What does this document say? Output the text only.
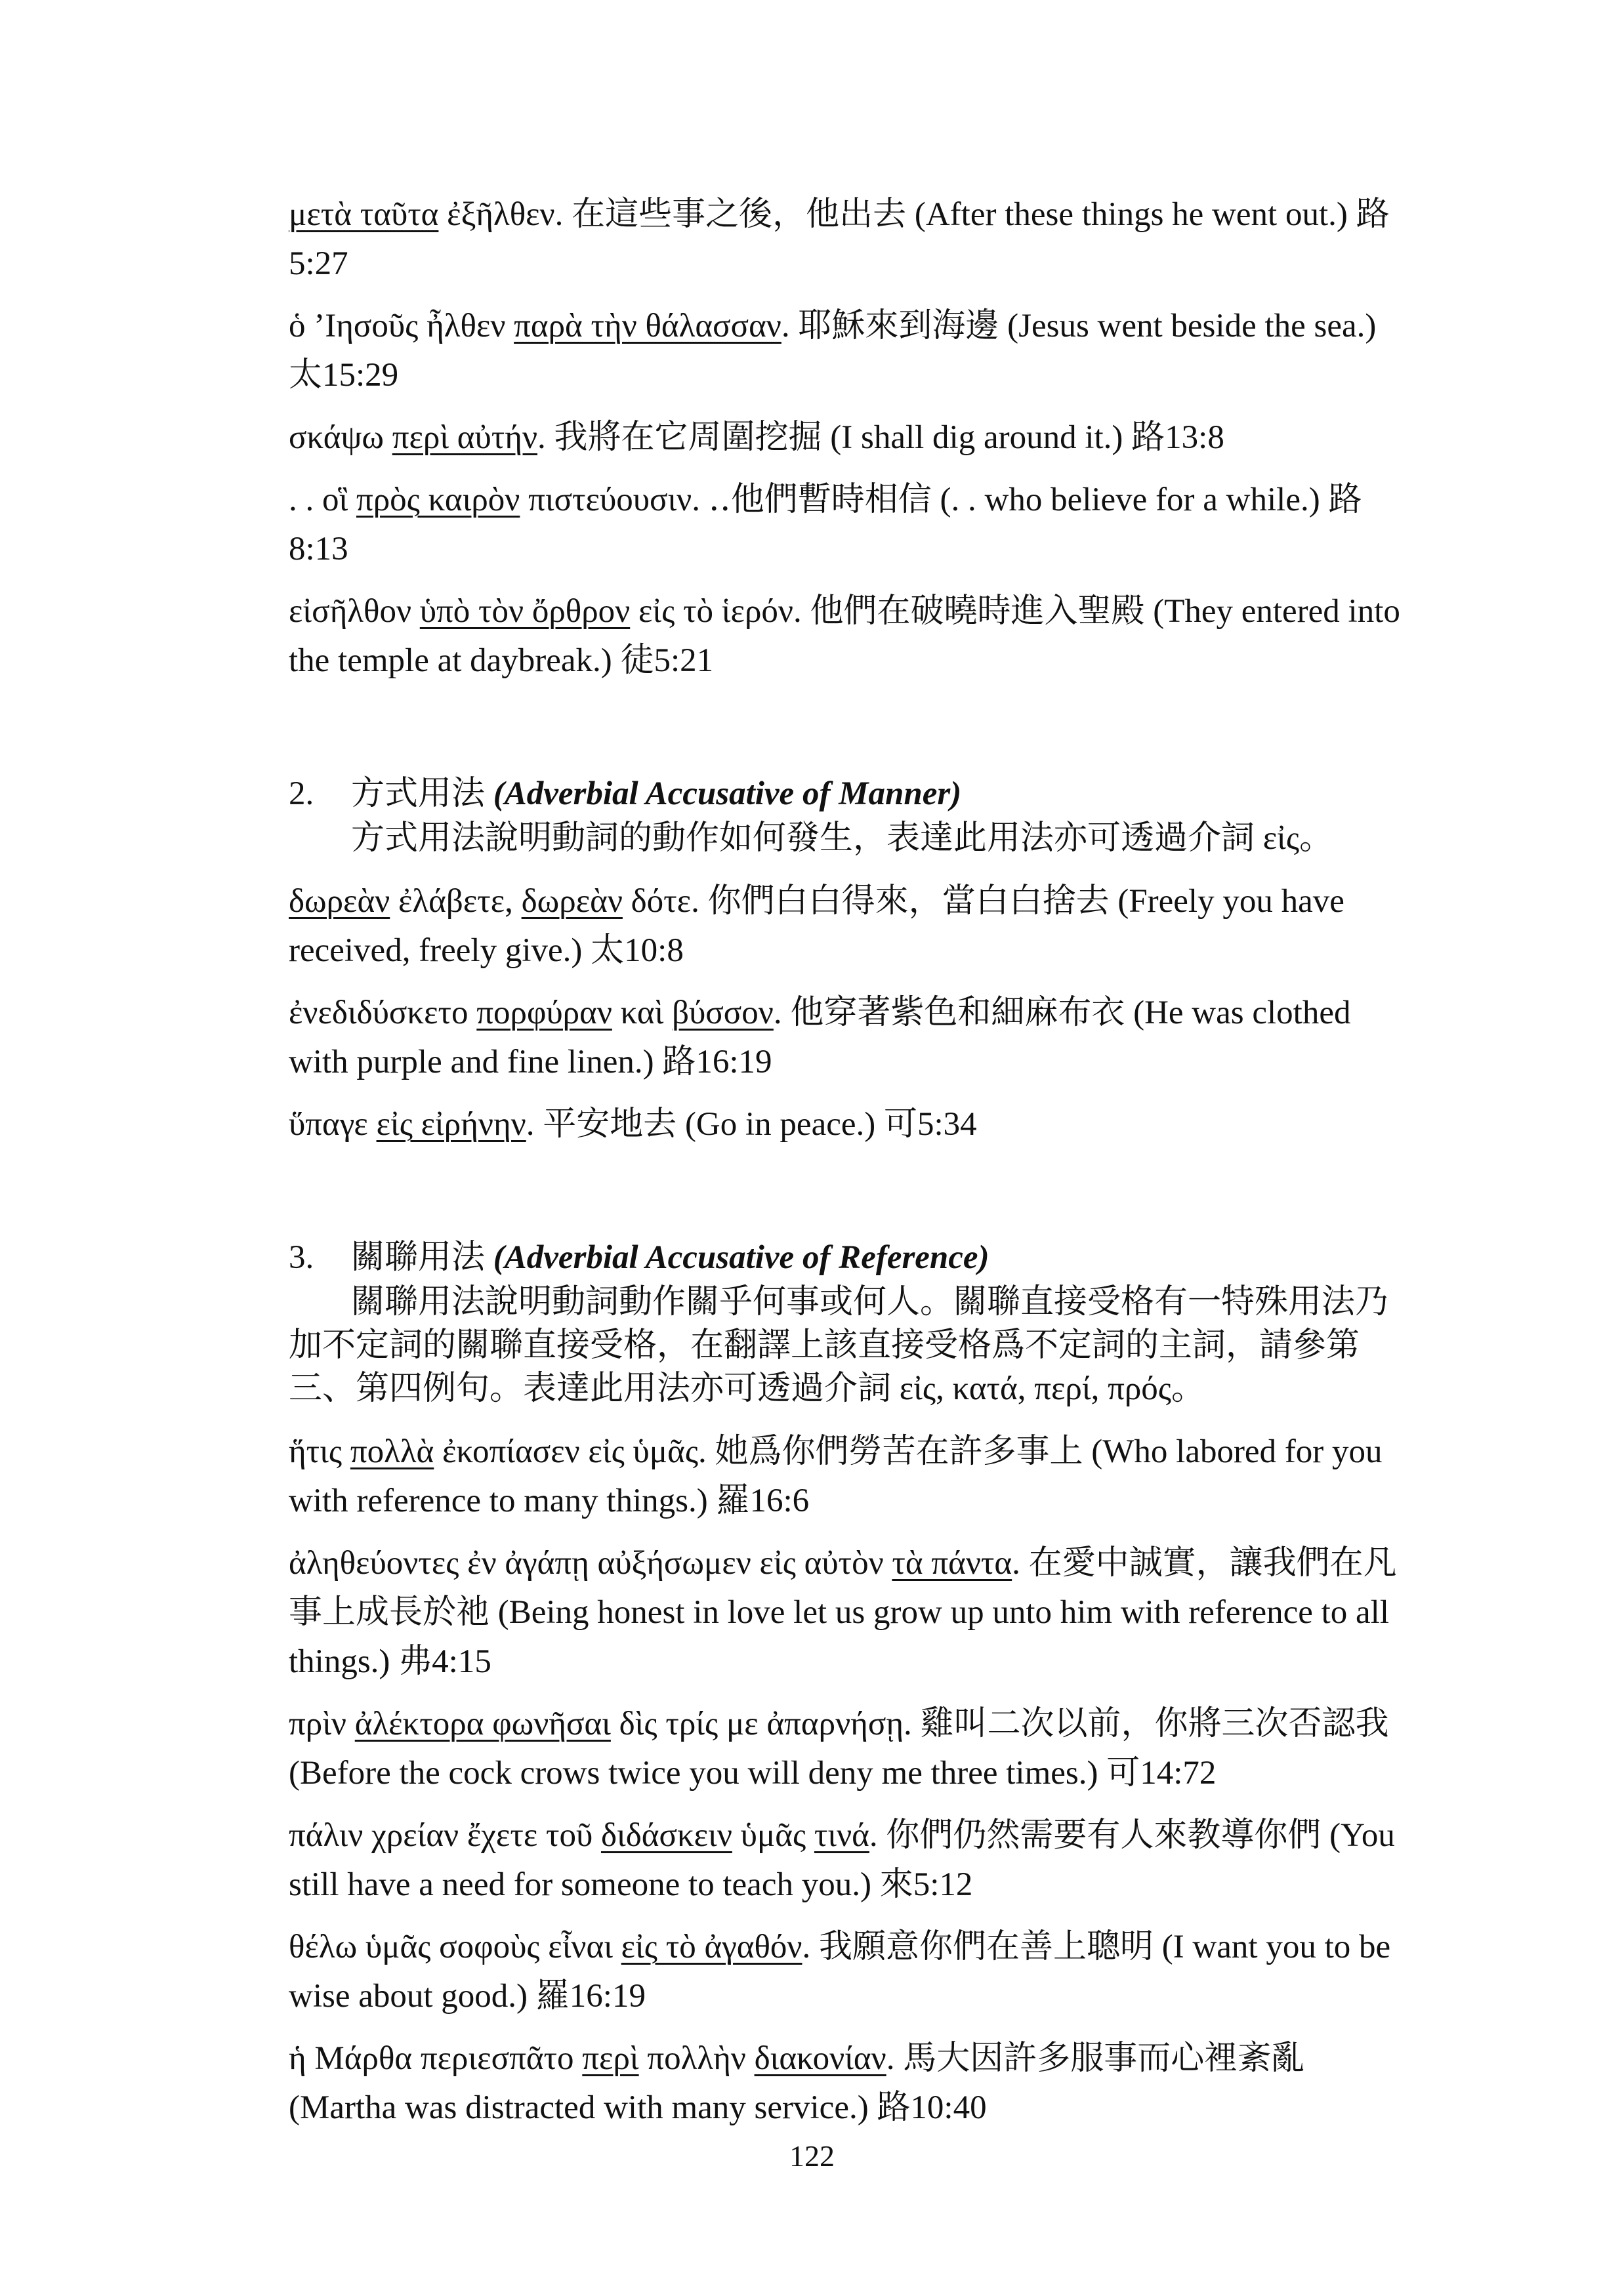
μετὰ ταῦτα ἐξῆλθεν. 在這些事之後，他出去 (After these things he went out.) 路5:27

ὁ ’Ιησοῦς ἦλθεν παρὰ τὴν θάλασσαν. 耶穌來到海邊 (Jesus went beside the sea.) 太15:29

σκάψω περὶ αὐτήν. 我將在它周圍挖掘 (I shall dig around it.) 路13:8

. . οἳ πρὸς καιρὸν πιστεύουσιν. ‥他們暫時相信 (. . who believe for a while.) 路8:13

εἰσῆλθον ὑπὸ τὸν ὄρθρον εἰς τὸ ἱερόν. 他們在破曉時進入聖殿 (They entered into the temple at daybreak.) 徒5:21

2. 方式用法 (Adverbial Accusative of Manner)
方式用法說明動詞的動作如何發生，表達此用法亦可透過介詞 εἰς。

δωρεὰν ἐλάβετε, δωρεὰν δότε. 你們白白得來，當白白捨去 (Freely you have received, freely give.) 太10:8

ἐνεδιδύσκετο πορφύραν καὶ βύσσον. 他穿著紫色和細麻布衣 (He was clothed with purple and fine linen.) 路16:19

ὕπαγε εἰς εἰρήνην. 平安地去 (Go in peace.) 可5:34

3. 關聯用法 (Adverbial Accusative of Reference)
關聯用法說明動詞動作關乎何事或何人。關聯直接受格有一特殊用法乃加不定詞的關聯直接受格，在翻譯上該直接受格爲不定詞的主詞，請參第三、第四例句。表達此用法亦可透過介詞 εἰς, κατά, περί, πρός。

ἥτις πολλὰ ἐκοπίασεν εἰς ὑμᾶς. 她爲你們勞苦在許多事上 (Who labored for you with reference to many things.) 羅16:6

ἀληθεύοντες ἐν ἀγάπῃ αὐξήσωμεν εἰς αὐτὸν τὰ πάντα. 在愛中誠實，讓我們在凡事上成長於祂 (Being honest in love let us grow up unto him with reference to all things.) 弗4:15

πρὶν ἀλέκτορα φωνῆσαι δὶς τρίς με ἀπαρνήσῃ. 雞叫二次以前，你將三次否認我 (Before the cock crows twice you will deny me three times.) 可14:72

πάλιν χρείαν ἔχετε τοῦ διδάσκειν ὑμᾶς τινά. 你們仍然需要有人來教導你們 (You still have a need for someone to teach you.) 來5:12

θέλω ὑμᾶς σοφοὺς εἶναι εἰς τὸ ἀγαθόν. 我願意你們在善上聰明 (I want you to be wise about good.) 羅16:19

ἡ Μάρθα περιεσπᾶτο περὶ πολλὴν διακονίαν. 馬大因許多服事而心裡紊亂 (Martha was distracted with many service.) 路10:40

122
